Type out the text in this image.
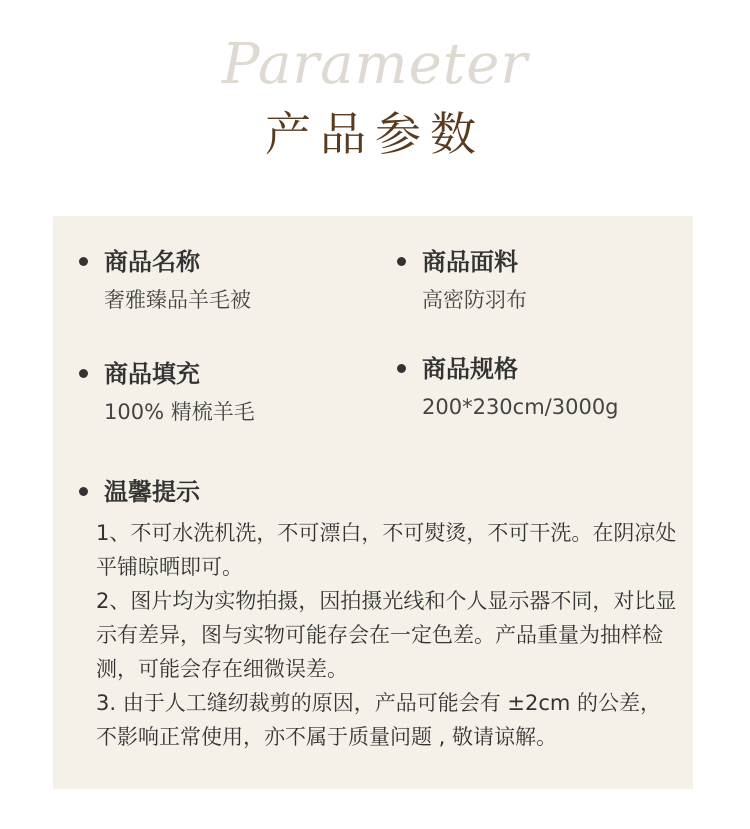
Parameter
产品参数
商品名称
奢雅臻品羊毛被
商品面料
高密防羽布
商品填充
100% 精梳羊毛
商品规格
200*230cm/3000g
温馨提示

1、不可水洗机洗，不可漂白，不可熨烫，不可干洗。在阴凉处平铺晾晒即可。

2、图片均为实物拍摄，因拍摄光线和个人显示器不同，对比显示有差异，图与实物可能存会在一定色差。产品重量为抽样检测，可能会存在细微误差。

3. 由于人工缝纫裁剪的原因，产品可能会有 ±2cm 的公差，不影响正常使用，亦不属于质量问题 , 敬请谅解。
